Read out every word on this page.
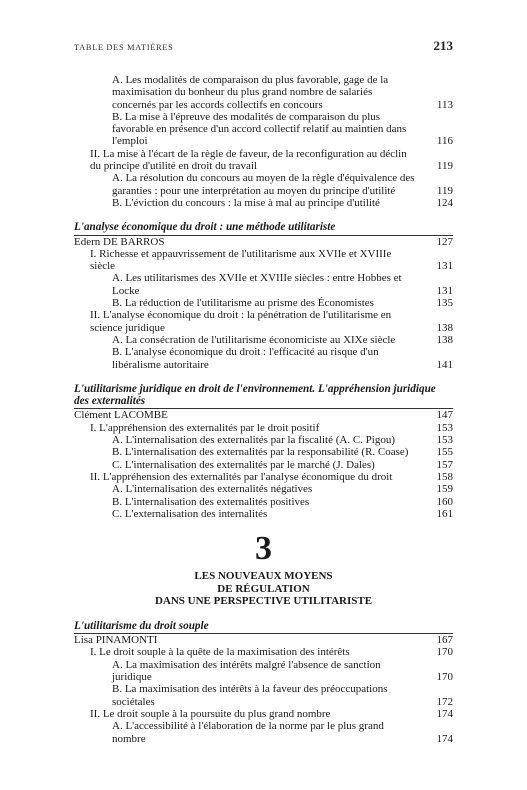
TABLE DES MATIÈRES	213
A. Les modalités de comparaison du plus favorable, gage de la maximisation du bonheur du plus grand nombre de salariés concernés par les accords collectifs en concours	113
B. La mise à l'épreuve des modalités de comparaison du plus favorable en présence d'un accord collectif relatif au maintien dans l'emploi	116
II. La mise à l'écart de la règle de faveur, de la reconfiguration au déclin du principe d'utilité en droit du travail	119
A. La résolution du concours au moyen de la règle d'équivalence des garanties : pour une interprétation au moyen du principe d'utilité	119
B. L'éviction du concours : la mise à mal au principe d'utilité	124
L'analyse économique du droit : une méthode utilitariste
Edern DE BARROS	127
I. Richesse et appauvrissement de l'utilitarisme aux XVIIe et XVIIIe siècle	131
A. Les utilitarismes des XVIIe et XVIIIe siècles : entre Hobbes et Locke	131
B. La réduction de l'utilitarisme au prisme des Économistes	135
II. L'analyse économique du droit : la pénétration de l'utilitarisme en science juridique	138
A. La consécration de l'utilitarisme économiciste au XIXe siècle	138
B. L'analyse économique du droit : l'efficacité au risque d'un libéralisme autoritaire	141
L'utilitarisme juridique en droit de l'environnement. L'appréhension juridique des externalités
Clément LACOMBE	147
I. L'appréhension des externalités par le droit positif	153
A. L'internalisation des externalités par la fiscalité (A. C. Pigou)	153
B. L'internalisation des externalités par la responsabilité (R. Coase)	155
C. L'internalisation des externalités par le marché (J. Dales)	157
II. L'appréhension des externalités par l'analyse économique du droit	158
A. L'internalisation des externalités négatives	159
B. L'internalisation des externalités positives	160
C. L'externalisation des internalités	161
3
LES NOUVEAUX MOYENS
DE RÉGULATION
DANS UNE PERSPECTIVE UTILITARISTE
L'utilitarisme du droit souple
Lisa PINAMONTI	167
I. Le droit souple à la quête de la maximisation des intérêts	170
A. La maximisation des intérêts malgré l'absence de sanction juridique	170
B. La maximisation des intérêts à la faveur des préoccupations sociétales	172
II. Le droit souple à la poursuite du plus grand nombre	174
A. L'accessibilité à l'élaboration de la norme par le plus grand nombre	174
